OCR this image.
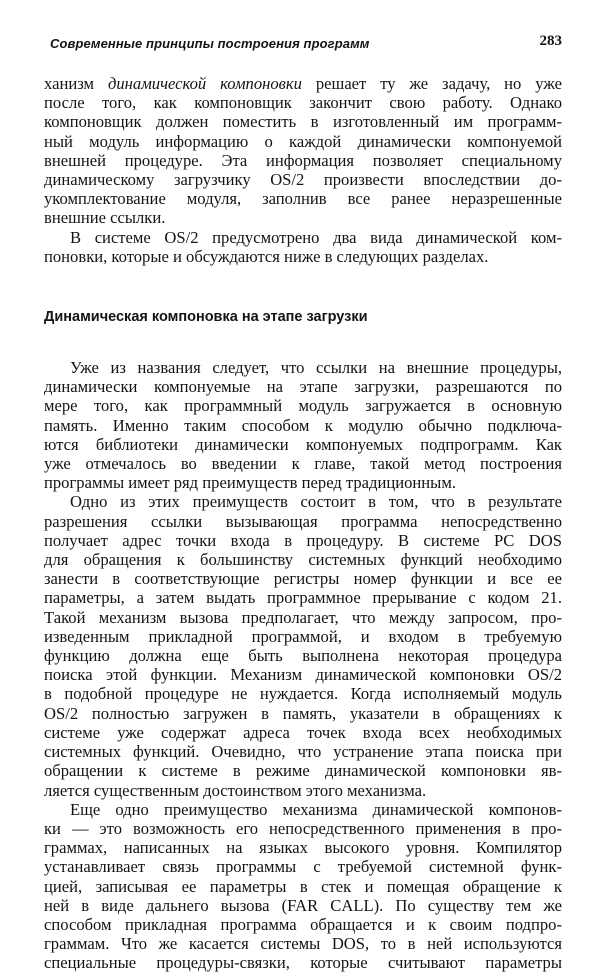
Современные принципы построения программ	283

ханизм динамической компоновки решает ту же задачу, но уже
после того, как компоновщик закончит свою работу. Однако
компоновщик должен поместить в изготовленный им программ-
ный модуль информацию о каждой динамически компонуемой
внешней процедуре. Эта информация позволяет специальному
динамическому загрузчику OS/2 произвести впоследствии до-
укомплектование модуля, заполнив все ранее неразрешенные
внешние ссылки.

В системе OS/2 предусмотрено два вида динамической ком-
поновки, которые и обсуждаются ниже в следующих разделах.

Динамическая компоновка на этапе загрузки

Уже из названия следует, что ссылки на внешние процедуры,
динамически компонуемые на этапе загрузки, разрешаются по
мере того, как программный модуль загружается в основную
память. Именно таким способом к модулю обычно подключа-
ются библиотеки динамически компонуемых подпрограмм. Как
уже отмечалось во введении к главе, такой метод построения
программы имеет ряд преимуществ перед традиционным.

Одно из этих преимуществ состоит в том, что в результате
разрешения ссылки вызывающая программа непосредственно
получает адрес точки входа в процедуру. В системе PC DOS
для обращения к большинству системных функций необходимо
занести в соответствующие регистры номер функции и все ее
параметры, а затем выдать программное прерывание с кодом 21.
Такой механизм вызова предполагает, что между запросом, про-
изведенным прикладной программой, и входом в требуемую
функцию должна еще быть выполнена некоторая процедура
поиска этой функции. Механизм динамической компоновки OS/2
в подобной процедуре не нуждается. Когда исполняемый модуль
OS/2 полностью загружен в память, указатели в обращениях к
системе уже содержат адреса точек входа всех необходимых
системных функций. Очевидно, что устранение этапа поиска при
обращении к системе в режиме динамической компоновки яв-
ляется существенным достоинством этого механизма.

Еще одно преимущество механизма динамической компонов-
ки — это возможность его непосредственного применения в про-
граммах, написанных на языках высокого уровня. Компилятор
устанавливает связь программы с требуемой системной функ-
цией, записывая ее параметры в стек и помещая обращение к
ней в виде дальнего вызова (FAR CALL). По существу тем же
способом прикладная программа обращается и к своим подпро-
граммам. Что же касается системы DOS, то в ней используются
специальные процедуры-связки, которые считывают параметры
